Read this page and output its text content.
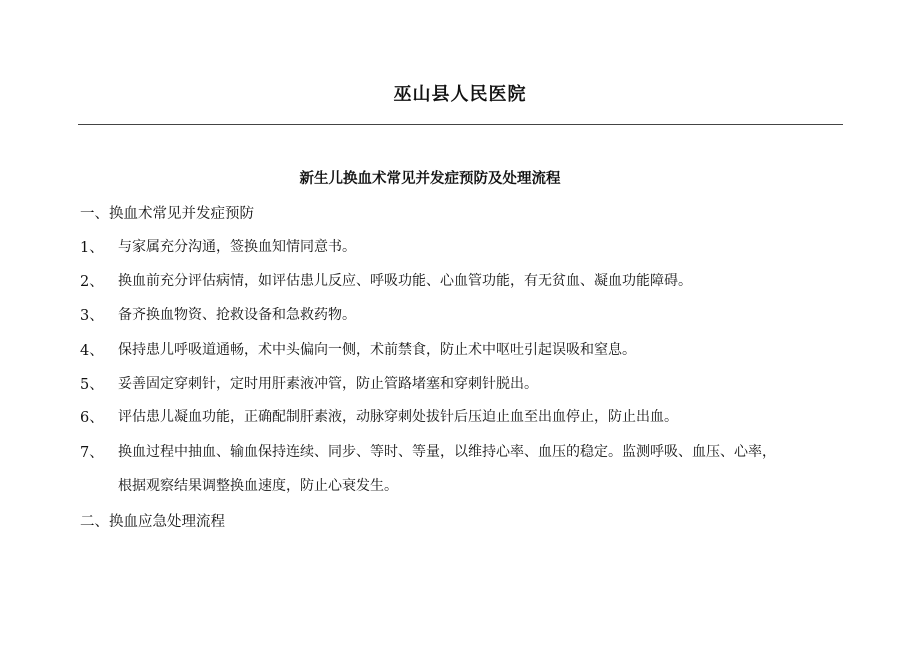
巫山县人民医院
新生儿换血术常见并发症预防及处理流程
一、换血术常见并发症预防
1、 与家属充分沟通，签换血知情同意书。
2、 换血前充分评估病情，如评估患儿反应、呼吸功能、心血管功能，有无贫血、凝血功能障碍。
3、 备齐换血物资、抢救设备和急救药物。
4、 保持患儿呼吸道通畅，术中头偏向一侧，术前禁食，防止术中呕吐引起误吸和窒息。
5、 妥善固定穿刺针，定时用肝素液冲管，防止管路堵塞和穿刺针脱出。
6、 评估患儿凝血功能，正确配制肝素液，动脉穿刺处拔针后压迫止血至出血停止，防止出血。
7、 换血过程中抽血、输血保持连续、同步、等时、等量，以维持心率、血压的稳定。监测呼吸、血压、心率，
根据观察结果调整换血速度，防止心衰发生。
二、换血应急处理流程
